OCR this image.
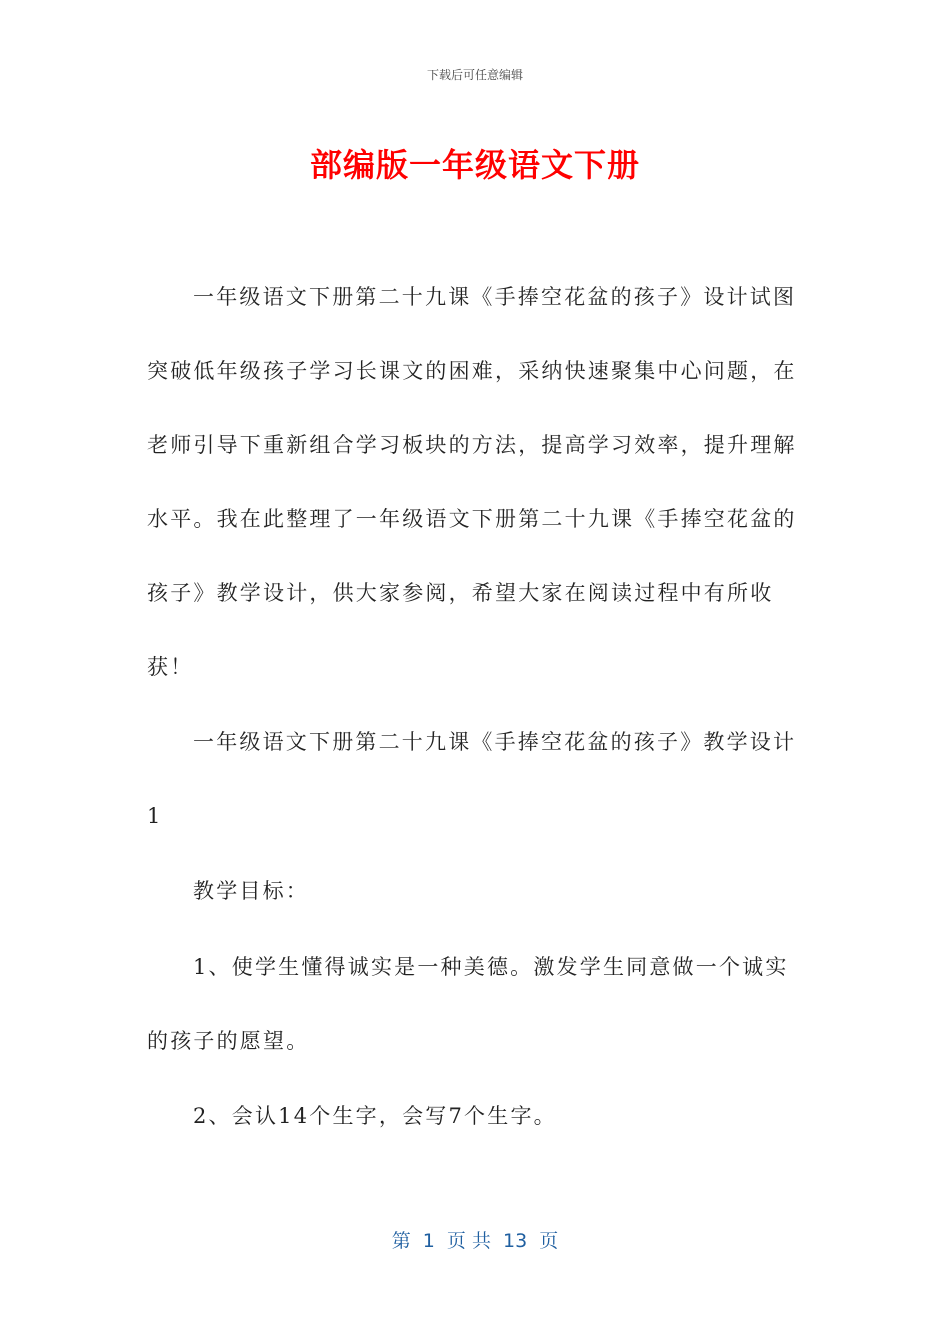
下载后可任意编辑
部编版一年级语文下册

一年级语文下册第二十九课《手捧空花盆的孩子》设计试图突破低年级孩子学习长课文的困难，采纳快速聚集中心问题，在老师引导下重新组合学习板块的方法，提高学习效率，提升理解水平。我在此整理了一年级语文下册第二十九课《手捧空花盆的孩子》教学设计，供大家参阅，希望大家在阅读过程中有所收获！

一年级语文下册第二十九课《手捧空花盆的孩子》教学设计1

教学目标：

1、使学生懂得诚实是一种美德。激发学生同意做一个诚实的孩子的愿望。

2、会认14个生字，会写7个生字。

第  1  页 共  13  页
